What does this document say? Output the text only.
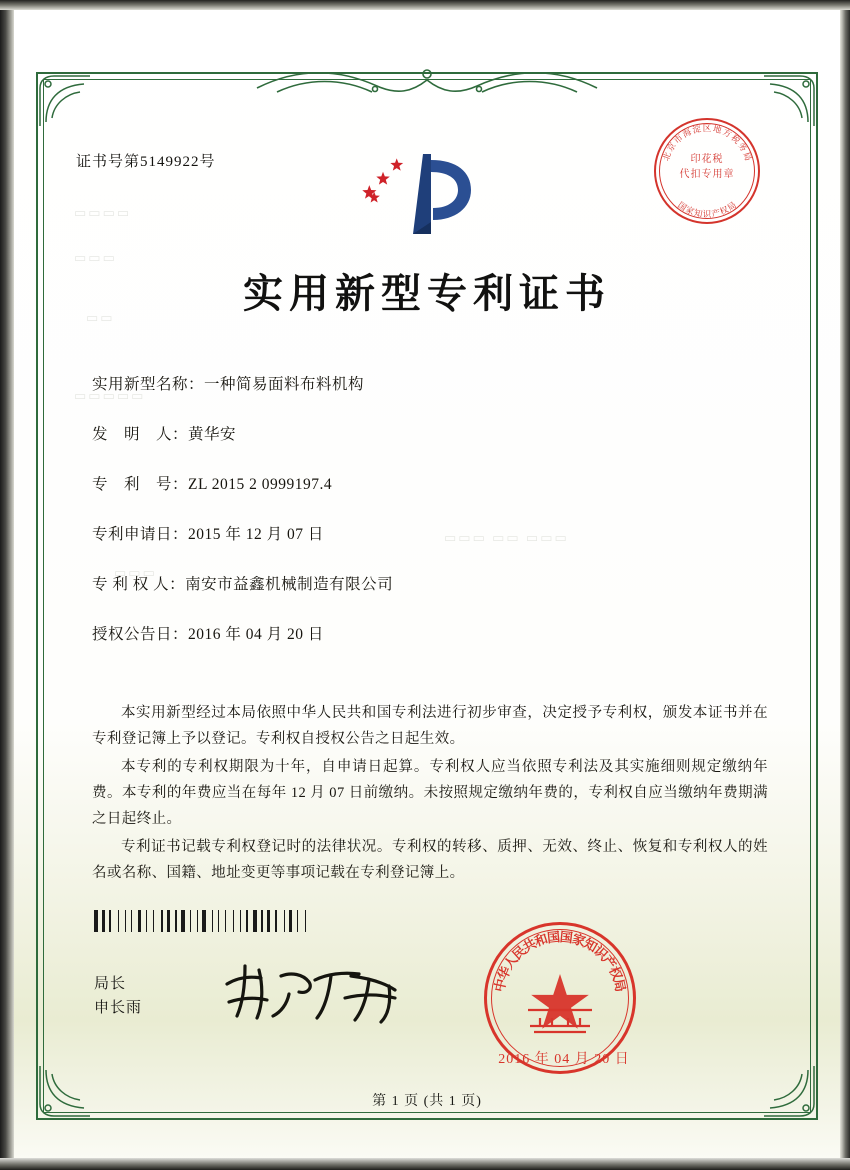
▭▭▭▭
▭▭▭
▭▭
▭▭▭▭▭
▭▭▭ ▭▭ ▭▭▭
▭▭▭
证书号第5149922号	北
京
市
海
淀 区 地
方
税
务
局
国
家
知 识 产
权
局
印花税
代扣专用章
实用新型专利证书
实用新型名称：一种简易面料布料机构
发　明　人：黄华安
专　利　号：ZL 2015 2 0999197.4
专利申请日：2015 年 12 月 07 日
专 利 权 人：南安市益鑫机械制造有限公司
授权公告日：2016 年 04 月 20 日

本实用新型经过本局依照中华人民共和国专利法进行初步审查，决定授予专利权，颁发本证书并在专利登记簿上予以登记。专利权自授权公告之日起生效。

本专利的专利权期限为十年，自申请日起算。专利权人应当依照专利法及其实施细则规定缴纳年费。本专利的年费应当在每年 12 月 07 日前缴纳。未按照规定缴纳年费的，专利权自应当缴纳年费期满之日起终止。

专利证书记载专利权登记时的法律状况。专利权的转移、质押、无效、终止、恢复和专利权人的姓名或名称、国籍、地址变更等事项记载在专利登记簿上。

局长
申长雨
中
华
人
民
共
和
国
国
家
知
识
产
权
局
2016 年 04 月 20 日
第 1 页 (共 1 页)
